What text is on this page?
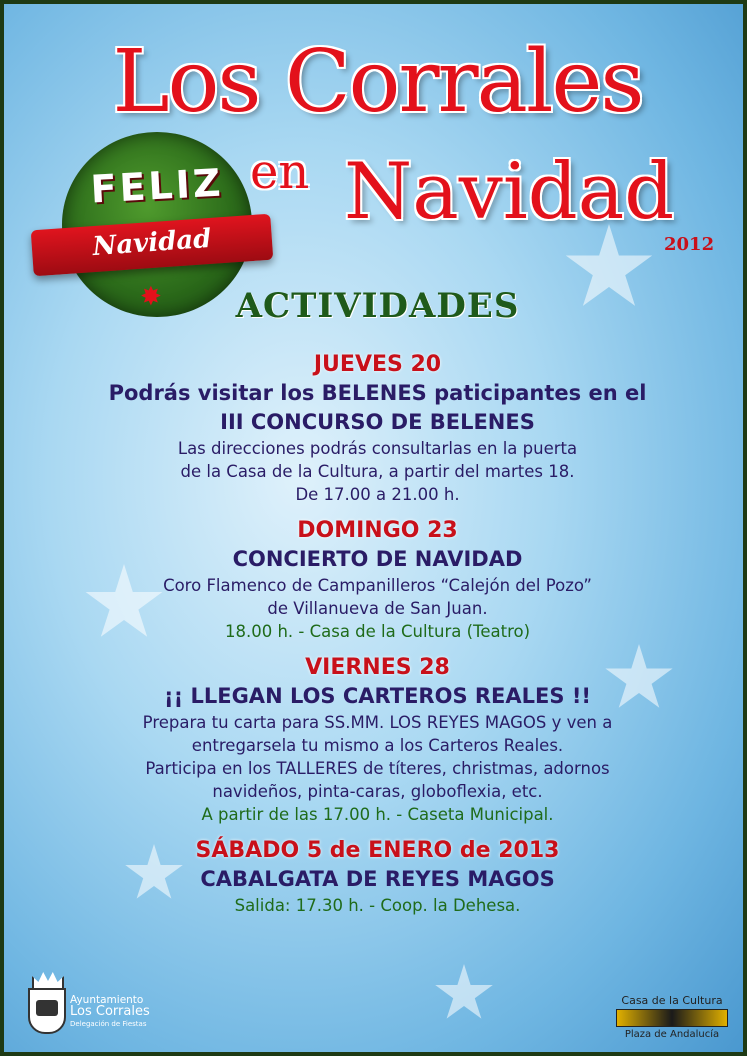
Los Corrales
en Navidad
2012
FELIZ
Navidad
✸	ACTIVIDADES
JUEVES 20
Podrás visitar los BELENES paticipantes en el
III CONCURSO DE BELENES
Las direcciones podrás consultarlas en la puerta
de la Casa de la Cultura, a partir del martes 18.
De 17.00 a 21.00 h.
DOMINGO 23
CONCIERTO DE NAVIDAD
Coro Flamenco de Campanilleros “Calejón del Pozo”
de Villanueva de San Juan.
18.00 h. - Casa de la Cultura (Teatro)
VIERNES 28
¡¡ LLEGAN LOS CARTEROS REALES !!
Prepara tu carta para SS.MM. LOS REYES MAGOS y ven a
entregarsela tu mismo a los Carteros Reales.
Participa en los TALLERES de títeres, christmas, adornos
navideños, pinta-caras, globoflexia, etc.
A partir de las 17.00 h. - Caseta Municipal.
SÁBADO 5 de ENERO de 2013
CABALGATA DE REYES MAGOS
Salida: 17.30 h. - Coop. la Dehesa.
Ayuntamiento
Los Corrales
Delegación de Fiestas
Casa de la Cultura
Plaza de Andalucía
